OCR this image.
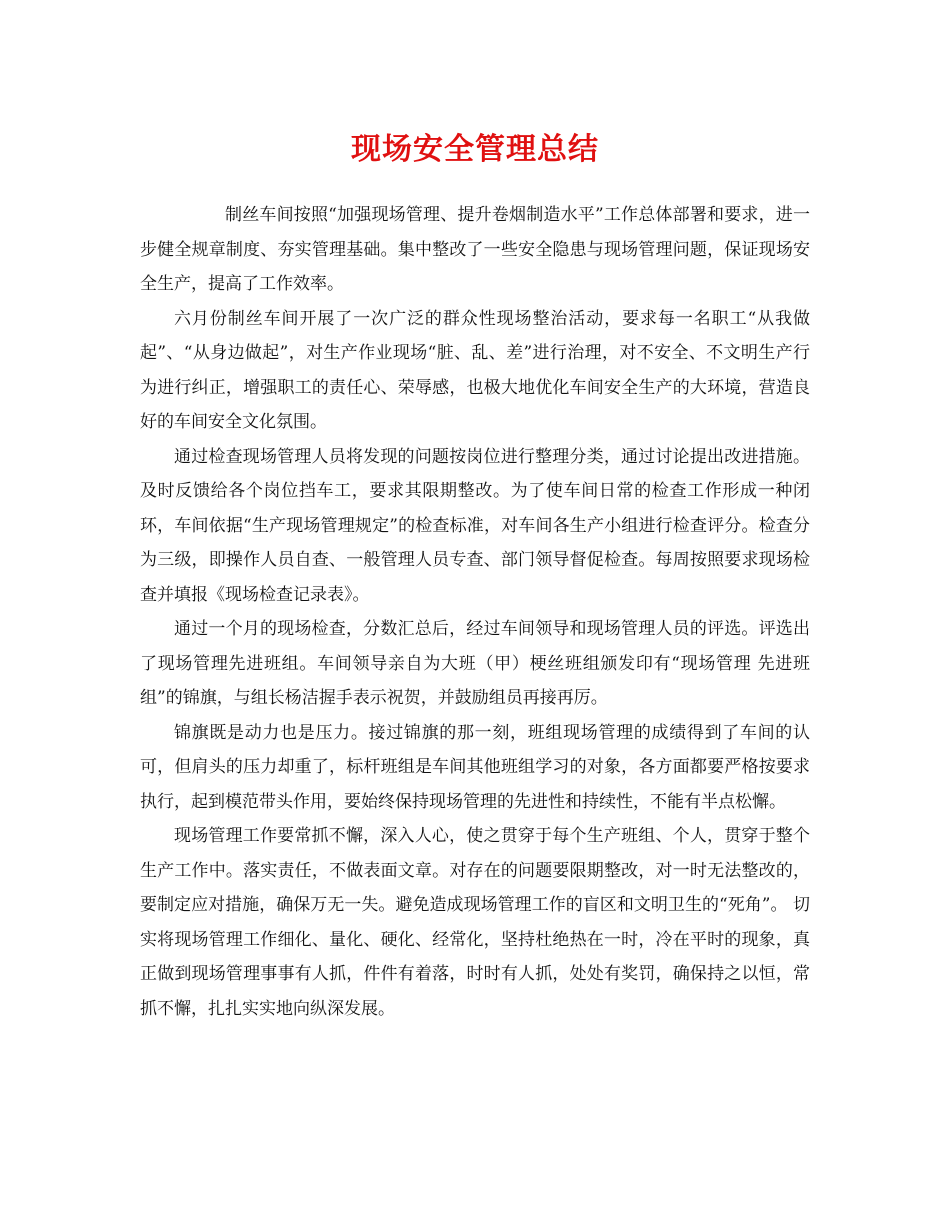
现场安全管理总结

制丝车间按照“加强现场管理、提升卷烟制造水平”工作总体部署和要求，进一步健全规章制度、夯实管理基础。集中整改了一些安全隐患与现场管理问题，保证现场安全生产，提高了工作效率。

六月份制丝车间开展了一次广泛的群众性现场整治活动，要求每一名职工“从我做起”、“从身边做起”，对生产作业现场“脏、乱、差”进行治理，对不安全、不文明生产行为进行纠正，增强职工的责任心、荣辱感，也极大地优化车间安全生产的大环境，营造良好的车间安全文化氛围。

通过检查现场管理人员将发现的问题按岗位进行整理分类，通过讨论提出改进措施。及时反馈给各个岗位挡车工，要求其限期整改。为了使车间日常的检查工作形成一种闭环，车间依据“生产现场管理规定”的检查标准，对车间各生产小组进行检查评分。检查分为三级，即操作人员自查、一般管理人员专查、部门领导督促检查。每周按照要求现场检查并填报《现场检查记录表》。

通过一个月的现场检查，分数汇总后，经过车间领导和现场管理人员的评选。评选出了现场管理先进班组。车间领导亲自为大班（甲）梗丝班组颁发印有“现场管理 先进班组”的锦旗，与组长杨洁握手表示祝贺，并鼓励组员再接再厉。

锦旗既是动力也是压力。接过锦旗的那一刻，班组现场管理的成绩得到了车间的认可，但肩头的压力却重了，标杆班组是车间其他班组学习的对象，各方面都要严格按要求执行，起到模范带头作用，要始终保持现场管理的先进性和持续性，不能有半点松懈。

现场管理工作要常抓不懈，深入人心，使之贯穿于每个生产班组、个人，贯穿于整个生产工作中。落实责任，不做表面文章。对存在的问题要限期整改，对一时无法整改的，要制定应对措施，确保万无一失。避免造成现场管理工作的盲区和文明卫生的“死角”。 切实将现场管理工作细化、量化、硬化、经常化，坚持杜绝热在一时，冷在平时的现象，真正做到现场管理事事有人抓，件件有着落，时时有人抓，处处有奖罚，确保持之以恒，常抓不懈，扎扎实实地向纵深发展。
